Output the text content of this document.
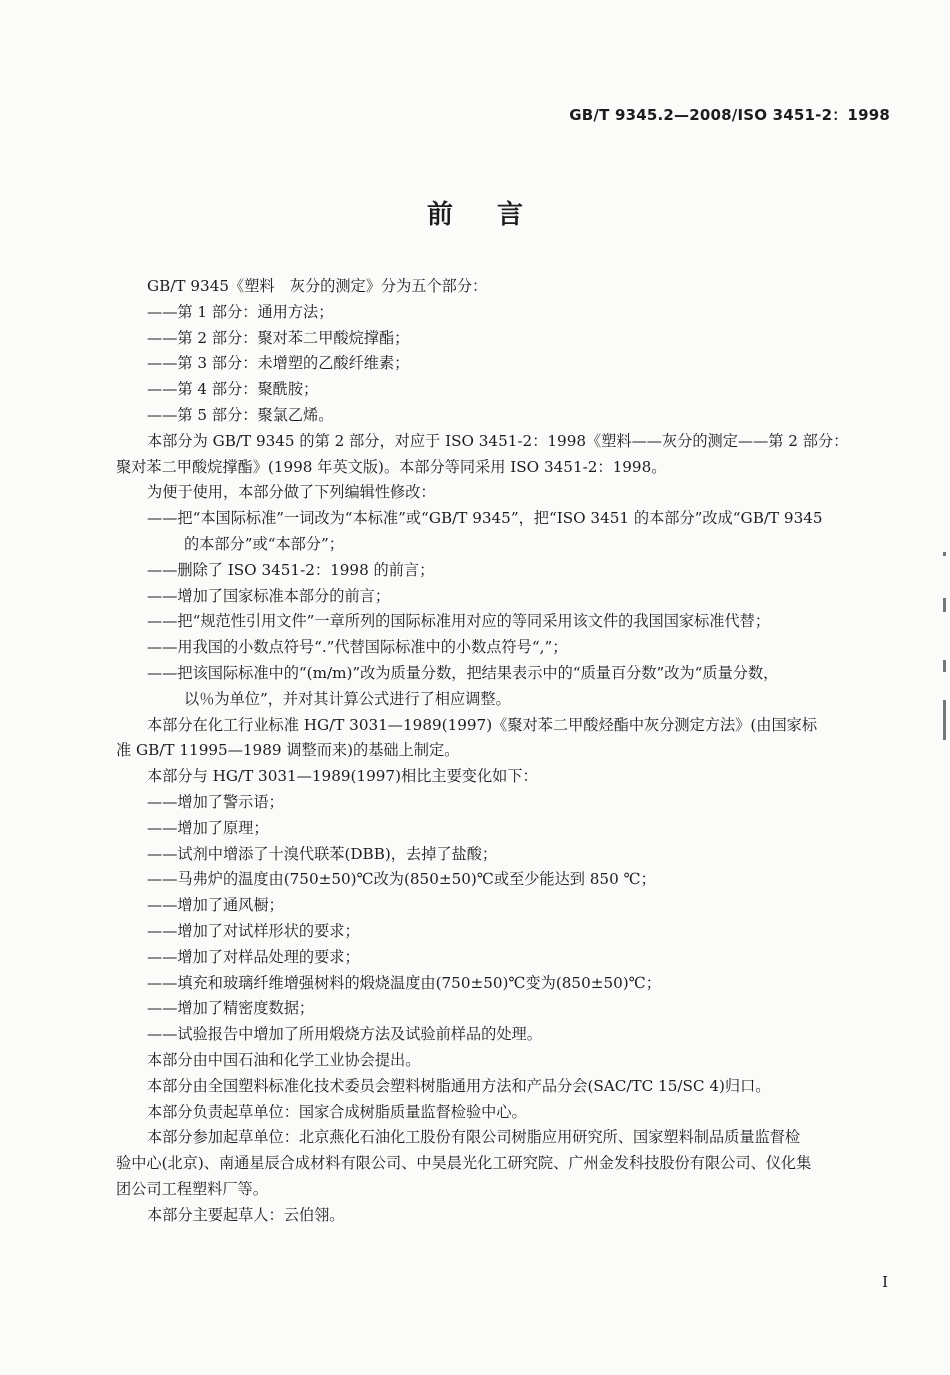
GB/T 9345.2—2008/ISO 3451-2：1998
前言
GB/T 9345《塑料　灰分的测定》分为五个部分：
——第 1 部分：通用方法；
——第 2 部分：聚对苯二甲酸烷撑酯；
——第 3 部分：未增塑的乙酸纤维素；
——第 4 部分：聚酰胺；
——第 5 部分：聚氯乙烯。
本部分为 GB/T 9345 的第 2 部分，对应于 ISO 3451-2：1998《塑料——灰分的测定——第 2 部分：
聚对苯二甲酸烷撑酯》(1998 年英文版)。本部分等同采用 ISO 3451-2：1998。
为便于使用，本部分做了下列编辑性修改：
——把“本国际标准”一词改为“本标准”或“GB/T 9345”，把“ISO 3451 的本部分”改成“GB/T 9345
的本部分”或“本部分”；
——删除了 ISO 3451-2：1998 的前言；
——增加了国家标准本部分的前言；
——把“规范性引用文件”一章所列的国际标准用对应的等同采用该文件的我国国家标准代替；
——用我国的小数点符号“.”代替国际标准中的小数点符号“,”；
——把该国际标准中的“(m/m)”改为质量分数，把结果表示中的“质量百分数”改为“质量分数，
以％为单位”，并对其计算公式进行了相应调整。
本部分在化工行业标准 HG/T 3031—1989(1997)《聚对苯二甲酸烃酯中灰分测定方法》(由国家标
准 GB/T 11995—1989 调整而来)的基础上制定。
本部分与 HG/T 3031—1989(1997)相比主要变化如下：
——增加了警示语；
——增加了原理；
——试剂中增添了十溴代联苯(DBB)，去掉了盐酸；
——马弗炉的温度由(750±50)℃改为(850±50)℃或至少能达到 850 ℃；
——增加了通风橱；
——增加了对试样形状的要求；
——增加了对样品处理的要求；
——填充和玻璃纤维增强树料的煅烧温度由(750±50)℃变为(850±50)℃；
——增加了精密度数据；
——试验报告中增加了所用煅烧方法及试验前样品的处理。
本部分由中国石油和化学工业协会提出。
本部分由全国塑料标准化技术委员会塑料树脂通用方法和产品分会(SAC/TC 15/SC 4)归口。
本部分负责起草单位：国家合成树脂质量监督检验中心。
本部分参加起草单位：北京燕化石油化工股份有限公司树脂应用研究所、国家塑料制品质量监督检
验中心(北京)、南通星辰合成材料有限公司、中昊晨光化工研究院、广州金发科技股份有限公司、仪化集
团公司工程塑料厂等。
本部分主要起草人：云伯翎。
I
